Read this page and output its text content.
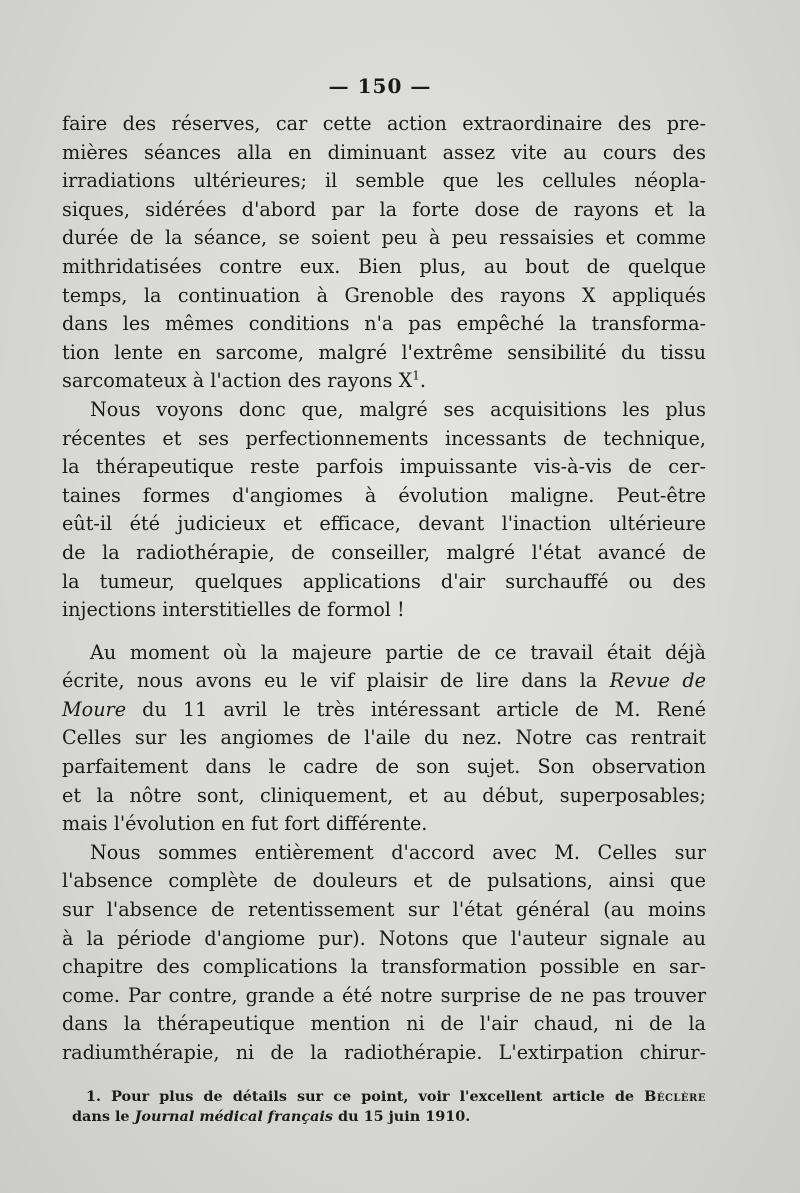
— 150 —
faire des réserves, car cette action extraordinaire des pre-
mières séances alla en diminuant assez vite au cours des
irradiations ultérieures; il semble que les cellules néopla-
siques, sidérées d'abord par la forte dose de rayons et la
durée de la séance, se soient peu à peu ressaisies et comme
mithridatisées contre eux. Bien plus, au bout de quelque
temps, la continuation à Grenoble des rayons X appliqués
dans les mêmes conditions n'a pas empêché la transforma-
tion lente en sarcome, malgré l'extrême sensibilité du tissu
sarcomateux à l'action des rayons $X^1$.
Nous voyons donc que, malgré ses acquisitions les plus
récentes et ses perfectionnements incessants de technique,
la thérapeutique reste parfois impuissante vis-à-vis de cer-
taines formes d'angiomes à évolution maligne. Peut-être
eût-il été judicieux et efficace, devant l'inaction ultérieure
de la radiothérapie, de conseiller, malgré l'état avancé de
la tumeur, quelques applications d'air surchauffé ou des
injections interstitielles de formol !
Au moment où la majeure partie de ce travail était déjà
écrite, nous avons eu le vif plaisir de lire dans la Revue de
Moure du 11 avril le très intéressant article de M. René
Celles sur les angiomes de l'aile du nez. Notre cas rentrait
parfaitement dans le cadre de son sujet. Son observation
et la nôtre sont, cliniquement, et au début, superposables;
mais l'évolution en fut fort différente.
Nous sommes entièrement d'accord avec M. Celles sur
l'absence complète de douleurs et de pulsations, ainsi que
sur l'absence de retentissement sur l'état général (au moins
à la période d'angiome pur). Notons que l'auteur signale au
chapitre des complications la transformation possible en sar-
come. Par contre, grande a été notre surprise de ne pas trouver
dans la thérapeutique mention ni de l'air chaud, ni de la
radiumthérapie, ni de la radiothérapie. L'extirpation chirur-
1. Pour plus de détails sur ce point, voir l'excellent article de Béclère
dans le Journal médical français du 15 juin 1910.
